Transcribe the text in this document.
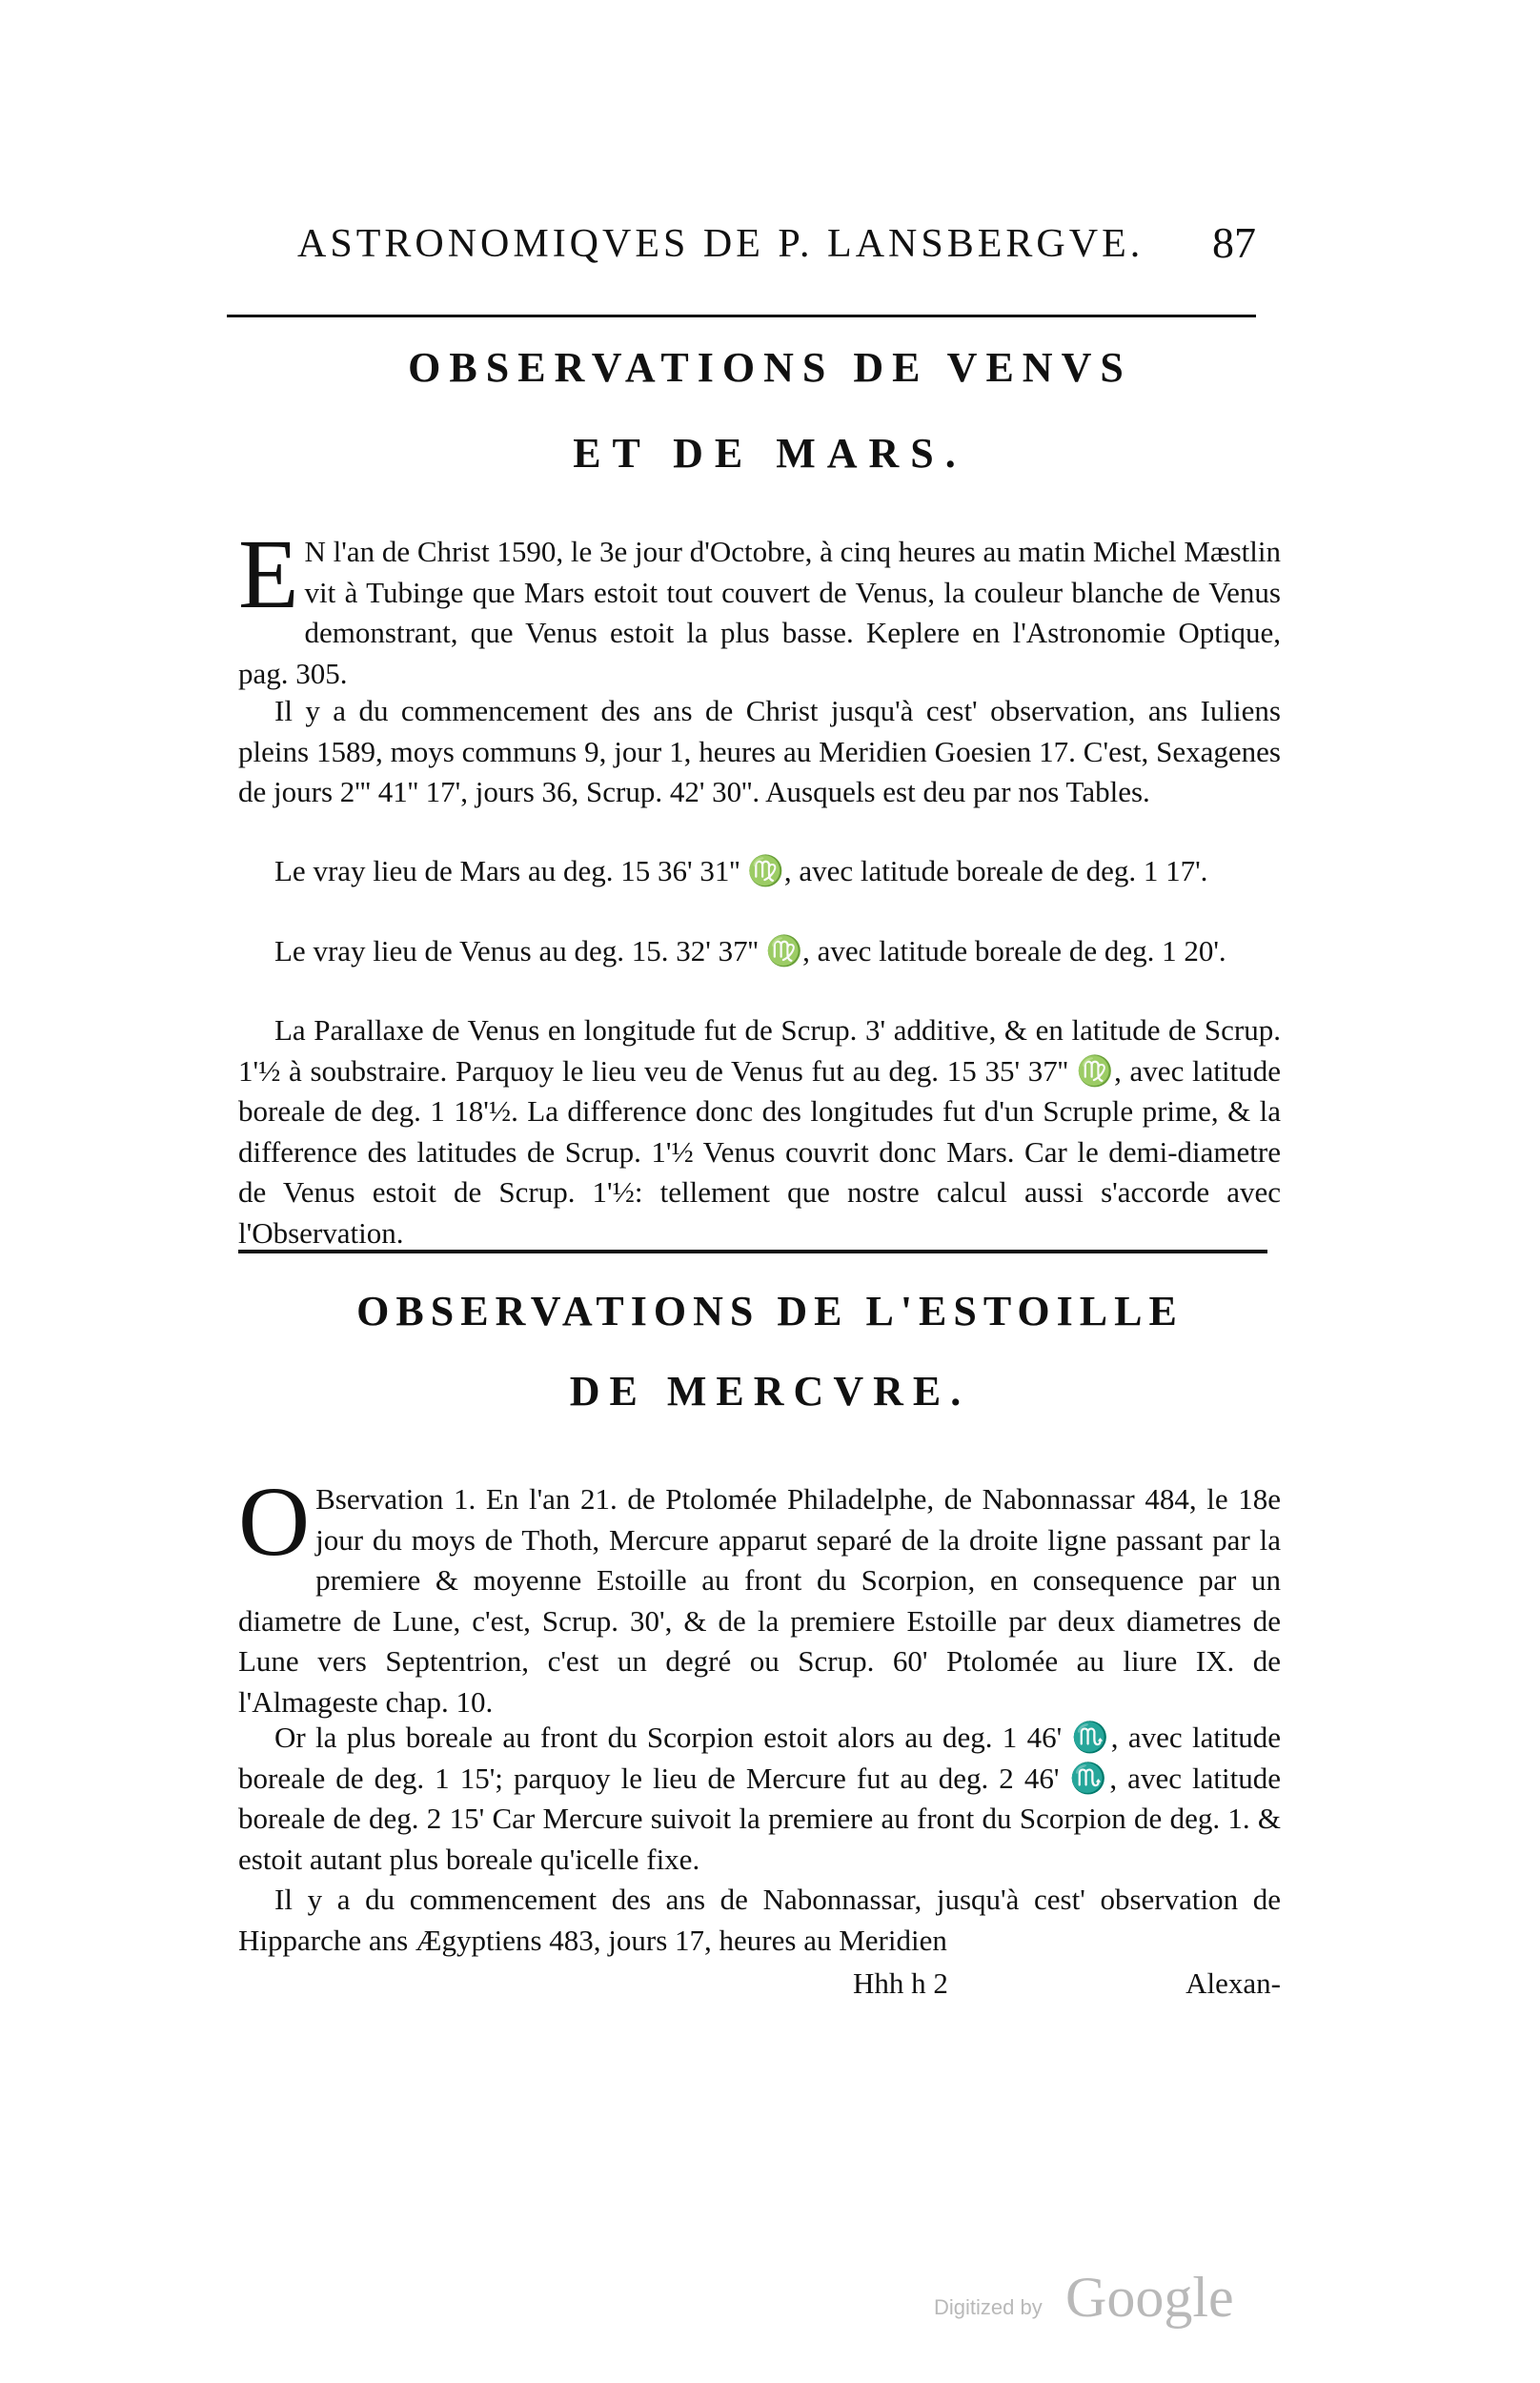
ASTRONOMIQVES DE P. LANSBERGVE. 87
OBSERVATIONS DE VENVS
ET DE MARS.

E N l'an de Christ 1590, le 3e jour d'Octobre, à cinq heures au matin Michel Mæstlin vit à Tubinge que Mars estoit tout couvert de Venus, la couleur blanche de Venus demonstrant, que Venus estoit la plus basse. Keplere en l'Astronomie Optique, pag. 305.

Il y a du commencement des ans de Christ jusqu'à cest' observation, ans Iuliens pleins 1589, moys communs 9, jour 1, heures au Meridien Goesien 17. C'est, Sexagenes de jours 2''' 41'' 17', jours 36, Scrup. 42' 30''. Ausquels est deu par nos Tables.

Le vray lieu de Mars au deg. 15 36' 31'' ♍, avec latitude boreale de deg. 1 17'.

Le vray lieu de Venus au deg. 15. 32' 37'' ♍, avec latitude boreale de deg. 1 20'.

La Parallaxe de Venus en longitude fut de Scrup. 3' additive, & en latitude de Scrup. 1'½ à soubstraire. Parquoy le lieu veu de Venus fut au deg. 15 35' 37'' ♍, avec latitude boreale de deg. 1 18'½. La difference donc des longitudes fut d'un Scruple prime, & la difference des latitudes de Scrup. 1'½ Venus couvrit donc Mars. Car le demi-diametre de Venus estoit de Scrup. 1'½: tellement que nostre calcul aussi s'accorde avec l'Observation.

OBSERVATIONS DE L'ESTOILLE
DE MERCVRE.

O Bservation 1. En l'an 21. de Ptolomée Philadelphe, de Nabonnassar 484, le 18e jour du moys de Thoth, Mercure apparut separé de la droite ligne passant par la premiere & moyenne Estoille au front du Scorpion, en consequence par un diametre de Lune, c'est, Scrup. 30', & de la premiere Estoille par deux diametres de Lune vers Septentrion, c'est un degré ou Scrup. 60' Ptolomée au liure IX. de l'Almageste chap. 10.

Or la plus boreale au front du Scorpion estoit alors au deg. 1 46' ♏, avec latitude boreale de deg. 1 15'; parquoy le lieu de Mercure fut au deg. 2 46' ♏, avec latitude boreale de deg. 2 15' Car Mercure suivoit la premiere au front du Scorpion de deg. 1. & estoit autant plus boreale qu'icelle fixe.

Il y a du commencement des ans de Nabonnassar, jusqu'à cest' observation de Hipparche ans Ægyptiens 483, jours 17, heures au Meridien

Hhh h 2	Alexan-
Digitized by Google
